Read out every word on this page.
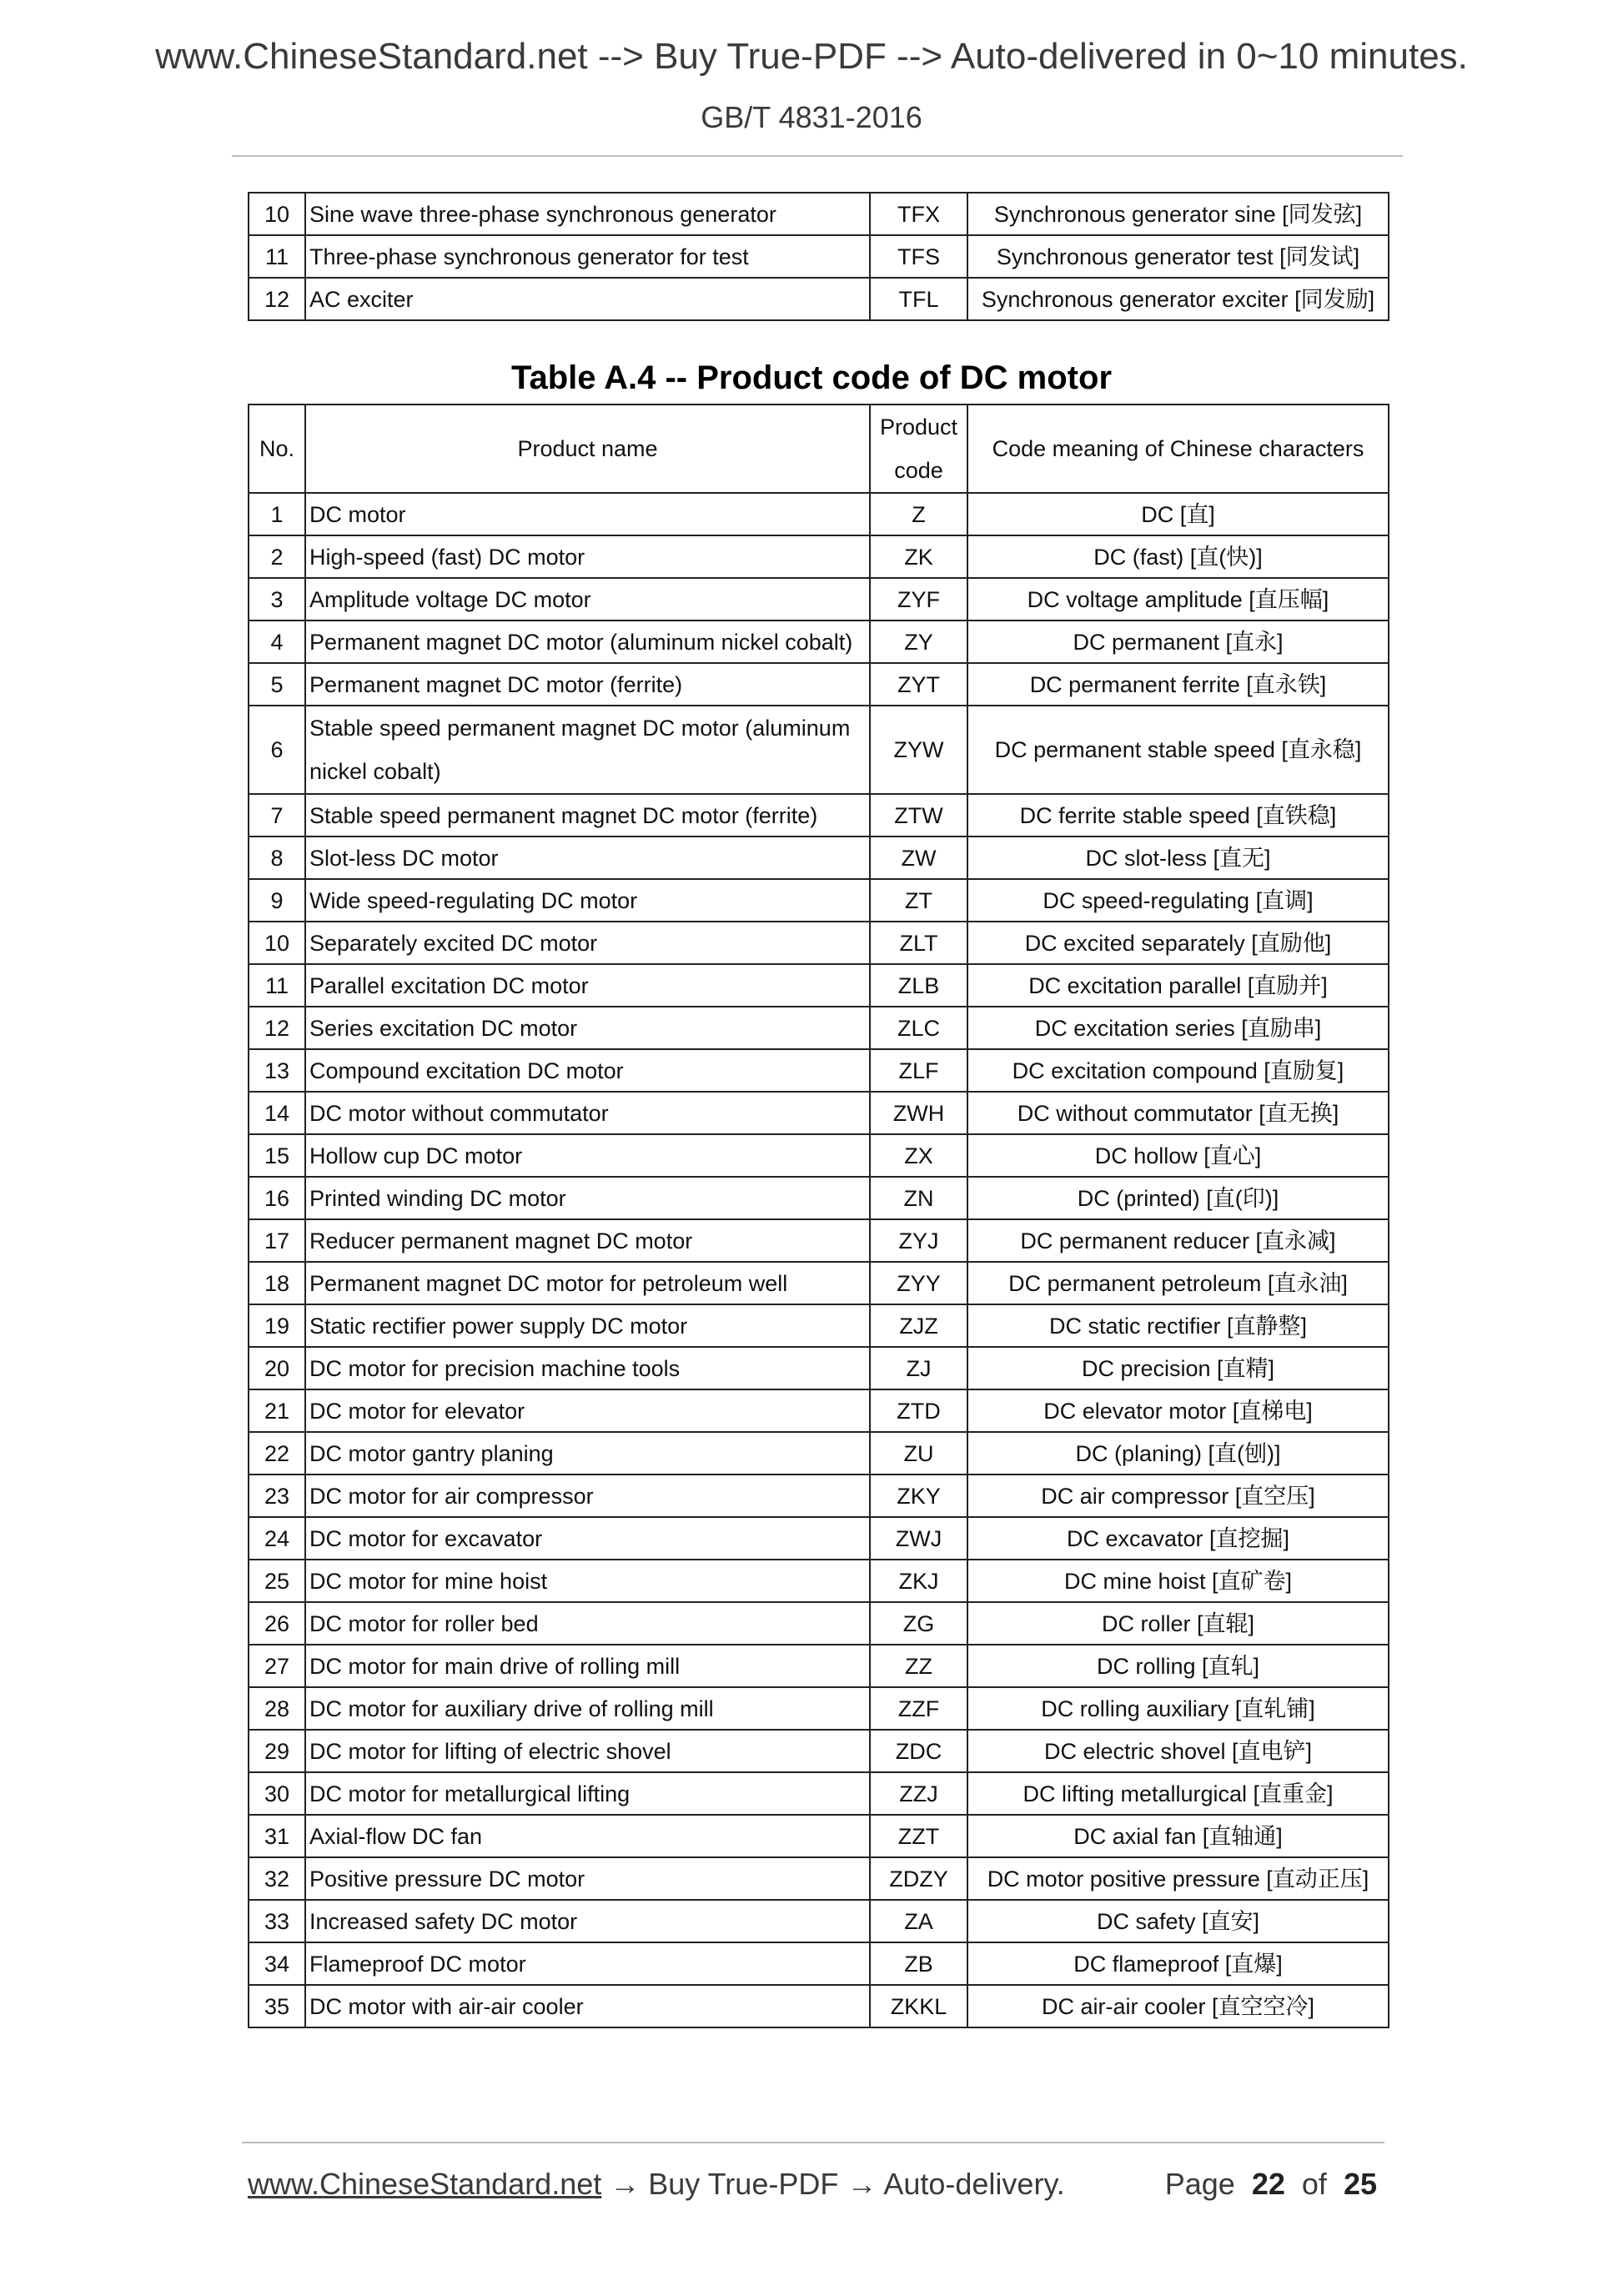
www.ChineseStandard.net --> Buy True-PDF --> Auto-delivered in 0~10 minutes.
GB/T 4831-2016
10	Sine wave three-phase synchronous generator	TFX	Synchronous generator sine [同发弦]
11	Three-phase synchronous generator for test	TFS	Synchronous generator test [同发试]
12	AC exciter	TFL	Synchronous generator exciter [同发励]
Table A.4 -- Product code of DC motor
No.	Product name	Product
code	Code meaning of Chinese characters
1	DC motor	Z	DC [直]
2	High-speed (fast) DC motor	ZK	DC (fast) [直(快)]
3	Amplitude voltage DC motor	ZYF	DC voltage amplitude [直压幅]
4	Permanent magnet DC motor (aluminum nickel cobalt)	ZY	DC permanent [直永]
5	Permanent magnet DC motor (ferrite)	ZYT	DC permanent ferrite [直永铁]
6	Stable speed permanent magnet DC motor (aluminum nickel cobalt)	ZYW	DC permanent stable speed [直永稳]
7	Stable speed permanent magnet DC motor (ferrite)	ZTW	DC ferrite stable speed [直铁稳]
8	Slot-less DC motor	ZW	DC slot-less [直无]
9	Wide speed-regulating DC motor	ZT	DC speed-regulating [直调]
10	Separately excited DC motor	ZLT	DC excited separately [直励他]
11	Parallel excitation DC motor	ZLB	DC excitation parallel [直励并]
12	Series excitation DC motor	ZLC	DC excitation series [直励串]
13	Compound excitation DC motor	ZLF	DC excitation compound [直励复]
14	DC motor without commutator	ZWH	DC without commutator [直无换]
15	Hollow cup DC motor	ZX	DC hollow [直心]
16	Printed winding DC motor	ZN	DC (printed) [直(印)]
17	Reducer permanent magnet DC motor	ZYJ	DC permanent reducer [直永减]
18	Permanent magnet DC motor for petroleum well	ZYY	DC permanent petroleum [直永油]
19	Static rectifier power supply DC motor	ZJZ	DC static rectifier [直静整]
20	DC motor for precision machine tools	ZJ	DC precision [直精]
21	DC motor for elevator	ZTD	DC elevator motor [直梯电]
22	DC motor gantry planing	ZU	DC (planing) [直(刨)]
23	DC motor for air compressor	ZKY	DC air compressor [直空压]
24	DC motor for excavator	ZWJ	DC excavator [直挖掘]
25	DC motor for mine hoist	ZKJ	DC mine hoist [直矿卷]
26	DC motor for roller bed	ZG	DC roller [直辊]
27	DC motor for main drive of rolling mill	ZZ	DC rolling [直轧]
28	DC motor for auxiliary drive of rolling mill	ZZF	DC rolling auxiliary [直轧铺]
29	DC motor for lifting of electric shovel	ZDC	DC electric shovel [直电铲]
30	DC motor for metallurgical lifting	ZZJ	DC lifting metallurgical [直重金]
31	Axial-flow DC fan	ZZT	DC axial fan [直轴通]
32	Positive pressure DC motor	ZDZY	DC motor positive pressure [直动正压]
33	Increased safety DC motor	ZA	DC safety [直安]
34	Flameproof DC motor	ZB	DC flameproof [直爆]
35	DC motor with air-air cooler	ZKKL	DC air-air cooler [直空空冷]
www.ChineseStandard.net → Buy True-PDF → Auto-delivery.	Page 22 of 25
